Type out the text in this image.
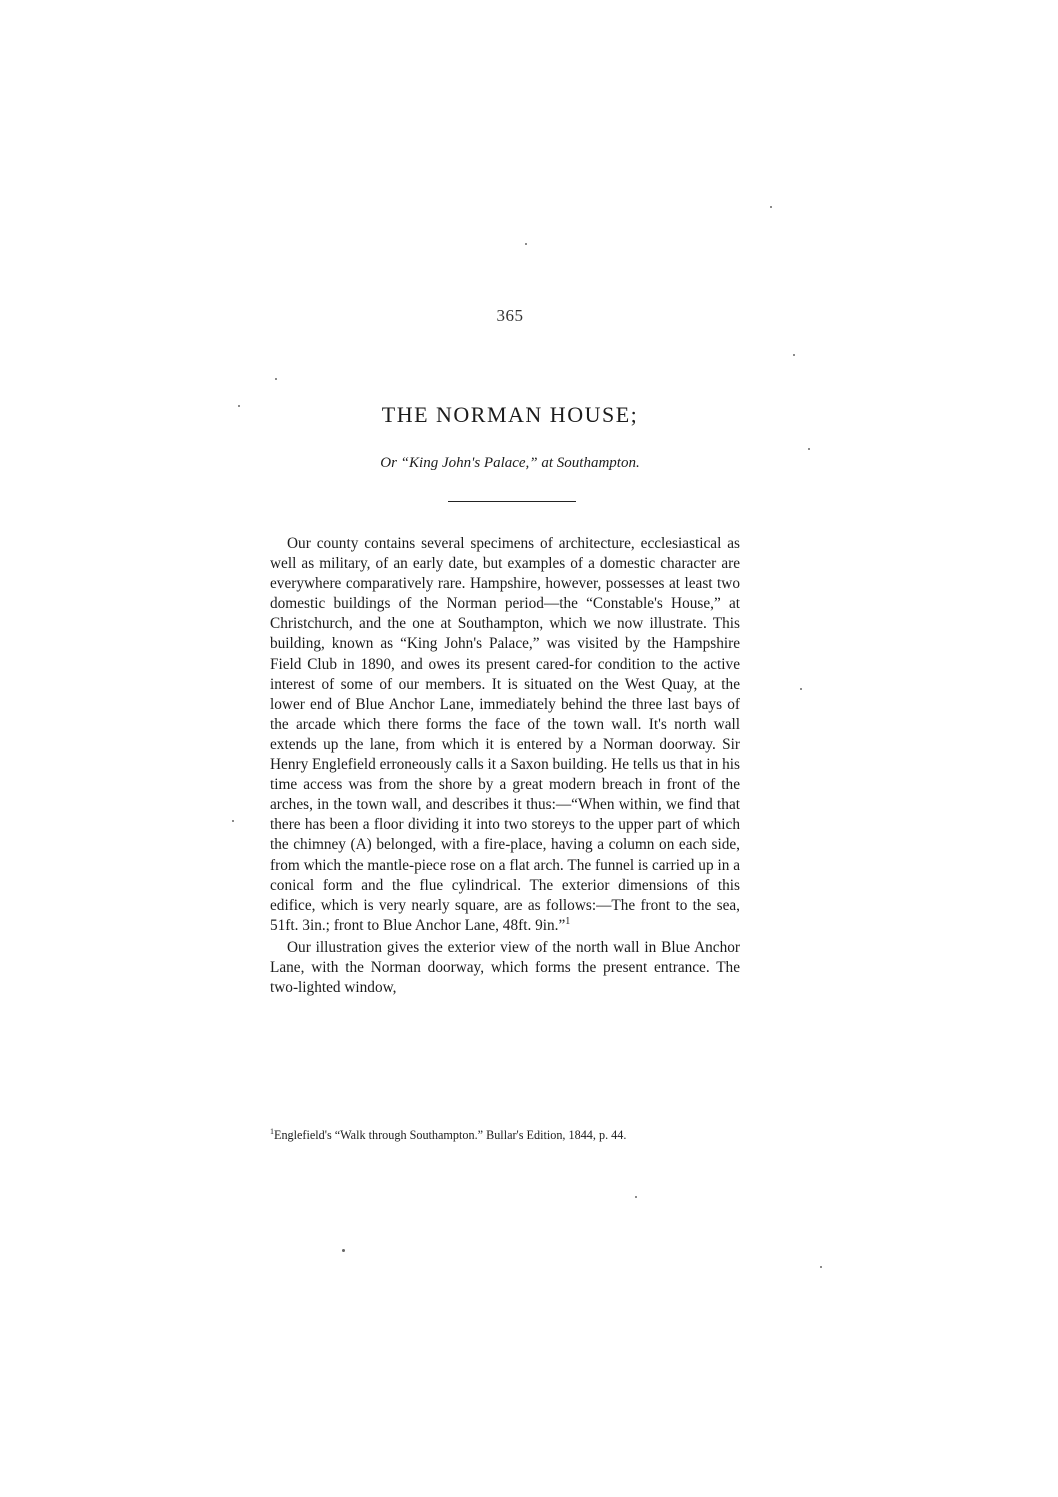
365
THE NORMAN HOUSE;
Or “King John's Palace,” at Southampton.

Our county contains several specimens of architecture, ecclesiastical as well as military, of an early date, but examples of a domestic character are everywhere comparatively rare. Hampshire, however, possesses at least two domestic buildings of the Norman period—the “Constable's House,” at Christchurch, and the one at Southampton, which we now illustrate. This building, known as “King John's Palace,” was visited by the Hampshire Field Club in 1890, and owes its present cared-for condition to the active interest of some of our members. It is situated on the West Quay, at the lower end of Blue Anchor Lane, immediately behind the three last bays of the arcade which there forms the face of the town wall. It's north wall extends up the lane, from which it is entered by a Norman doorway. Sir Henry Englefield erroneously calls it a Saxon building. He tells us that in his time access was from the shore by a great modern breach in front of the arches, in the town wall, and describes it thus:—“When within, we find that there has been a floor dividing it into two storeys to the upper part of which the chimney (A) belonged, with a fire-place, having a column on each side, from which the mantle-piece rose on a flat arch. The funnel is carried up in a conical form and the flue cylindrical. The exterior dimensions of this edifice, which is very nearly square, are as follows:—The front to the sea, 51ft. 3in.; front to Blue Anchor Lane, 48ft. 9in.”$^1$

Our illustration gives the exterior view of the north wall in Blue Anchor Lane, with the Norman doorway, which forms the present entrance. The two-lighted window,

$^1$Englefield's “Walk through Southampton.” Bullar's Edition, 1844, p. 44.
